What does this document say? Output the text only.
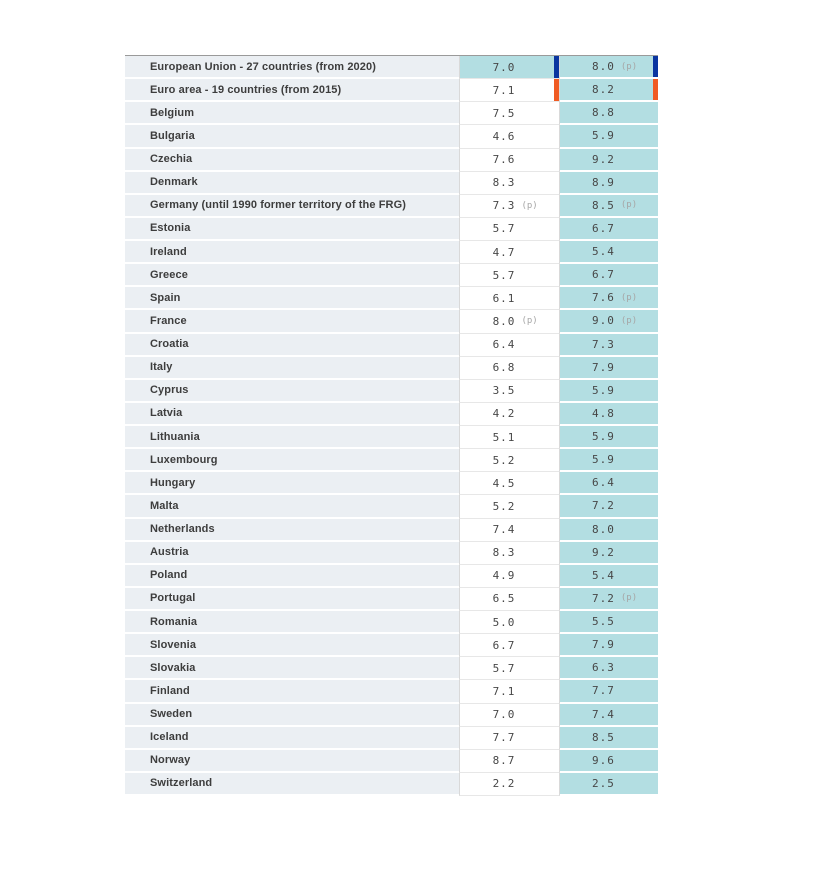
European Union - 27 countries (from 2020)	7.0	8.0 (p)
Euro area - 19 countries (from 2015)	7.1	8.2
Belgium	7.5	8.8
Bulgaria	4.6	5.9
Czechia	7.6	9.2
Denmark	8.3	8.9
Germany (until 1990 former territory of the FRG)	7.3 (p)	8.5 (p)
Estonia	5.7	6.7
Ireland	4.7	5.4
Greece	5.7	6.7
Spain	6.1	7.6 (p)
France	8.0 (p)	9.0 (p)
Croatia	6.4	7.3
Italy	6.8	7.9
Cyprus	3.5	5.9
Latvia	4.2	4.8
Lithuania	5.1	5.9
Luxembourg	5.2	5.9
Hungary	4.5	6.4
Malta	5.2	7.2
Netherlands	7.4	8.0
Austria	8.3	9.2
Poland	4.9	5.4
Portugal	6.5	7.2 (p)
Romania	5.0	5.5
Slovenia	6.7	7.9
Slovakia	5.7	6.3
Finland	7.1	7.7
Sweden	7.0	7.4
Iceland	7.7	8.5
Norway	8.7	9.6
Switzerland	2.2	2.5
